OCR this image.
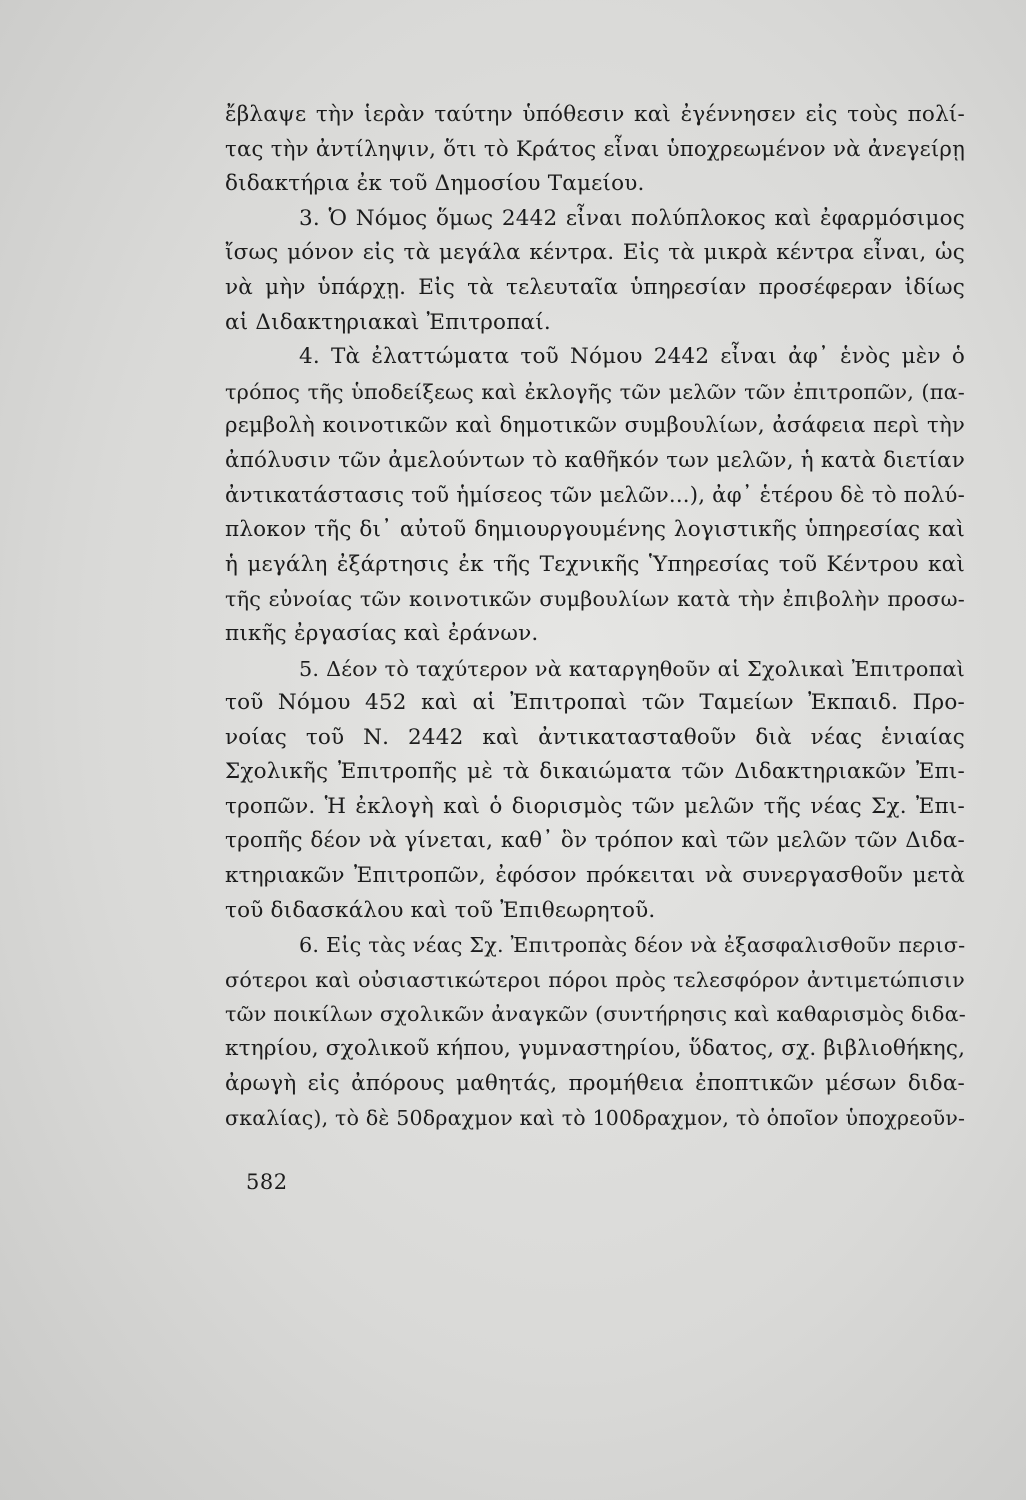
ἔβλαψε τὴν ἱερὰν ταύτην ὑπόθεσιν καὶ ἐγέννησεν εἰς τοὺς πολί-
τας τὴν ἀντίληψιν, ὅτι τὸ Κράτος εἶναι ὑποχρεωμένον νὰ ἀνεγείρῃ
διδακτήρια ἐκ τοῦ Δημοσίου Ταμείου.
3. Ὁ Νόμος ὅμως 2442 εἶναι πολύπλοκος καὶ ἐφαρμόσιμος
ἴσως μόνον εἰς τὰ μεγάλα κέντρα. Εἰς τὰ μικρὰ κέντρα εἶναι, ὡς
νὰ μὴν ὑπάρχῃ. Εἰς τὰ τελευταῖα ὑπηρεσίαν προσέφεραν ἰδίως
αἱ Διδακτηριακαὶ Ἐπιτροπαί.
4. Τὰ ἐλαττώματα τοῦ Νόμου 2442 εἶναι ἀφ᾽ ἑνὸς μὲν ὁ
τρόπος τῆς ὑποδείξεως καὶ ἐκλογῆς τῶν μελῶν τῶν ἐπιτροπῶν, (πα-
ρεμβολὴ κοινοτικῶν καὶ δημοτικῶν συμβουλίων, ἀσάφεια περὶ τὴν
ἀπόλυσιν τῶν ἀμελούντων τὸ καθῆκόν των μελῶν, ἡ κατὰ διετίαν
ἀντικατάστασις τοῦ ἡμίσεος τῶν μελῶν...), ἀφ᾽ ἑτέρου δὲ τὸ πολύ-
πλοκον τῆς δι᾽ αὐτοῦ δημιουργουμένης λογιστικῆς ὑπηρεσίας καὶ
ἡ μεγάλη ἐξάρτησις ἐκ τῆς Τεχνικῆς Ὑπηρεσίας τοῦ Κέντρου καὶ
τῆς εὐνοίας τῶν κοινοτικῶν συμβουλίων κατὰ τὴν ἐπιβολὴν προσω-
πικῆς ἐργασίας καὶ ἐράνων.
5. Δέον τὸ ταχύτερον νὰ καταργηθοῦν αἱ Σχολικαὶ Ἐπιτροπαὶ
τοῦ Νόμου 452 καὶ αἱ Ἐπιτροπαὶ τῶν Ταμείων Ἐκπαιδ. Προ-
νοίας τοῦ Ν. 2442 καὶ ἀντικατασταθοῦν διὰ νέας ἑνιαίας
Σχολικῆς Ἐπιτροπῆς μὲ τὰ δικαιώματα τῶν Διδακτηριακῶν Ἐπι-
τροπῶν. Ἡ ἐκλογὴ καὶ ὁ διορισμὸς τῶν μελῶν τῆς νέας Σχ. Ἐπι-
τροπῆς δέον νὰ γίνεται, καθ᾽ ὃν τρόπον καὶ τῶν μελῶν τῶν Διδα-
κτηριακῶν Ἐπιτροπῶν, ἐφόσον πρόκειται νὰ συνεργασθοῦν μετὰ
τοῦ διδασκάλου καὶ τοῦ Ἐπιθεωρητοῦ.
6. Εἰς τὰς νέας Σχ. Ἐπιτροπὰς δέον νὰ ἐξασφαλισθοῦν περισ-
σότεροι καὶ οὐσιαστικώτεροι πόροι πρὸς τελεσφόρον ἀντιμετώπισιν
τῶν ποικίλων σχολικῶν ἀναγκῶν (συντήρησις καὶ καθαρισμὸς διδα-
κτηρίου, σχολικοῦ κήπου, γυμναστηρίου, ὕδατος, σχ. βιβλιοθήκης,
ἀρωγὴ εἰς ἀπόρους μαθητάς, προμήθεια ἐποπτικῶν μέσων διδα-
σκαλίας), τὸ δὲ 50δραχμον καὶ τὸ 100δραχμον, τὸ ὁποῖον ὑποχρεοῦν-
582
